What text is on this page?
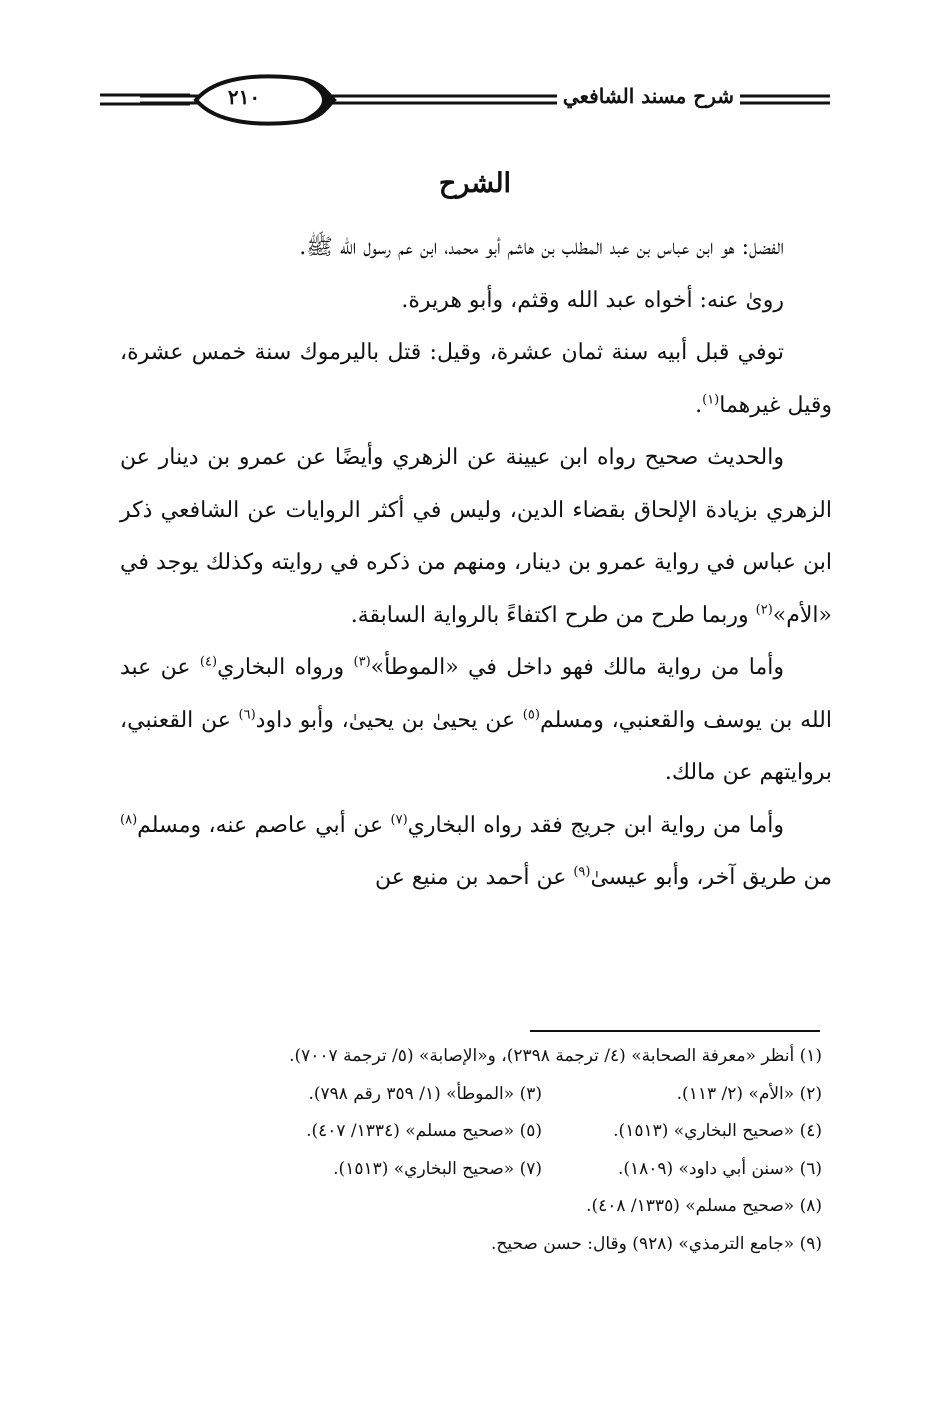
شرح مسند الشافعي
٢١٠
الشرح

الفضل: هو ابن عباس بن عبد المطلب بن هاشم أبو محمد، ابن عم رسول الله ﷺ.

روىٰ عنه: أخواه عبد الله وقثم، وأبو هريرة.

توفي قبل أبيه سنة ثمان عشرة، وقيل: قتل باليرموك سنة خمس عشرة، وقيل غيرهما$^{(١)}$.

والحديث صحيح رواه ابن عيينة عن الزهري وأيضًا عن عمرو بن دينار عن الزهري بزيادة الإلحاق بقضاء الدين، وليس في أكثر الروايات عن الشافعي ذكر ابن عباس في رواية عمرو بن دينار، ومنهم من ذكره في روايته وكذلك يوجد في «الأم»$^{(٢)}$ وربما طرح من طرح اكتفاءً بالرواية السابقة.

وأما من رواية مالك فهو داخل في «الموطأ»$^{(٣)}$ ورواه البخاري$^{(٤)}$ عن عبد الله بن يوسف والقعنبي، ومسلم$^{(٥)}$ عن يحيىٰ بن يحيىٰ، وأبو داود$^{(٦)}$ عن القعنبي، بروايتهم عن مالك.

وأما من رواية ابن جريج فقد رواه البخاري$^{(٧)}$ عن أبي عاصم عنه، ومسلم$^{(٨)}$ من طريق آخر، وأبو عيسىٰ$^{(٩)}$ عن أحمد بن منيع عن

(١) أنظر «معرفة الصحابة» (٤/ ترجمة ٢٣٩٨)، و«الإصابة» (٥/ ترجمة ٧٠٠٧).
(٢) «الأم» (٢/ ١١٣).
(٣) «الموطأ» (١/ ٣٥٩ رقم ٧٩٨).
(٤) «صحيح البخاري» (١٥١٣).
(٥) «صحيح مسلم» (١٣٣٤/ ٤٠٧).
(٦) «سنن أبي داود» (١٨٠٩).
(٧) «صحيح البخاري» (١٥١٣).
(٨) «صحيح مسلم» (١٣٣٥/ ٤٠٨).
(٩) «جامع الترمذي» (٩٢٨) وقال: حسن صحيح.
